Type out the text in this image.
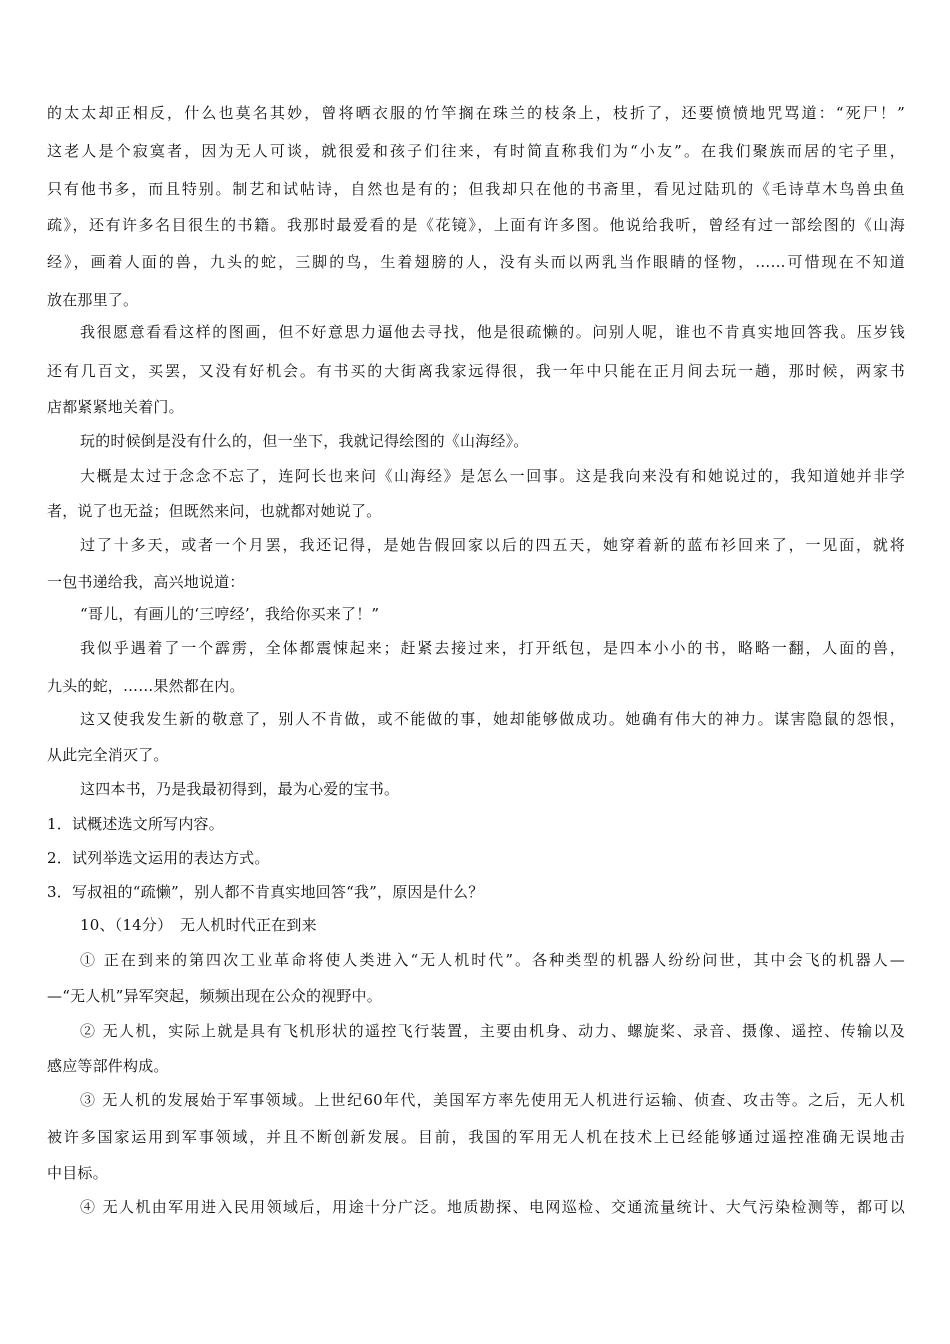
的太太却正相反，什么也莫名其妙，曾将晒衣服的竹竿搁在珠兰的枝条上，枝折了，还要愤愤地咒骂道：“死尸！”
这老人是个寂寞者，因为无人可谈，就很爱和孩子们往来，有时简直称我们为“小友”。在我们聚族而居的宅子里，
只有他书多，而且特别。制艺和试帖诗，自然也是有的；但我却只在他的书斋里，看见过陆玑的《毛诗草木鸟兽虫鱼
疏》，还有许多名目很生的书籍。我那时最爱看的是《花镜》，上面有许多图。他说给我听，曾经有过一部绘图的《山海
经》，画着人面的兽，九头的蛇，三脚的鸟，生着翅膀的人，没有头而以两乳当作眼睛的怪物，……可惜现在不知道
放在那里了。
我很愿意看看这样的图画，但不好意思力逼他去寻找，他是很疏懒的。问别人呢，谁也不肯真实地回答我。压岁钱
还有几百文，买罢，又没有好机会。有书买的大街离我家远得很，我一年中只能在正月间去玩一趟，那时候，两家书
店都紧紧地关着门。
玩的时候倒是没有什么的，但一坐下，我就记得绘图的《山海经》。
大概是太过于念念不忘了，连阿长也来问《山海经》是怎么一回事。这是我向来没有和她说过的，我知道她并非学
者，说了也无益；但既然来问，也就都对她说了。
过了十多天，或者一个月罢，我还记得，是她告假回家以后的四五天，她穿着新的蓝布衫回来了，一见面，就将
一包书递给我，高兴地说道：
“哥儿，有画儿的‘三哼经’，我给你买来了！”
我似乎遇着了一个霹雳，全体都震悚起来；赶紧去接过来，打开纸包，是四本小小的书，略略一翻，人面的兽，
九头的蛇，……果然都在内。
这又使我发生新的敬意了，别人不肯做，或不能做的事，她却能够做成功。她确有伟大的神力。谋害隐鼠的怨恨，
从此完全消灭了。
这四本书，乃是我最初得到，最为心爱的宝书。
1．试概述选文所写内容。
2．试列举选文运用的表达方式。
3．写叔祖的“疏懒”，别人都不肯真实地回答“我”，原因是什么？
10、（14分）　无人机时代正在到来
① 正在到来的第四次工业革命将使人类进入“无人机时代”。各种类型的机器人纷纷问世，其中会飞的机器人—
—“无人机”异军突起，频频出现在公众的视野中。
② 无人机，实际上就是具有飞机形状的遥控飞行装置，主要由机身、动力、螺旋桨、录音、摄像、遥控、传输以及
感应等部件构成。
③ 无人机的发展始于军事领域。上世纪60年代，美国军方率先使用无人机进行运输、侦查、攻击等。之后，无人机
被许多国家运用到军事领域，并且不断创新发展。目前，我国的军用无人机在技术上已经能够通过遥控准确无误地击
中目标。
④ 无人机由军用进入民用领域后，用途十分广泛。地质勘探、电网巡检、交通流量统计、大气污染检测等，都可以
